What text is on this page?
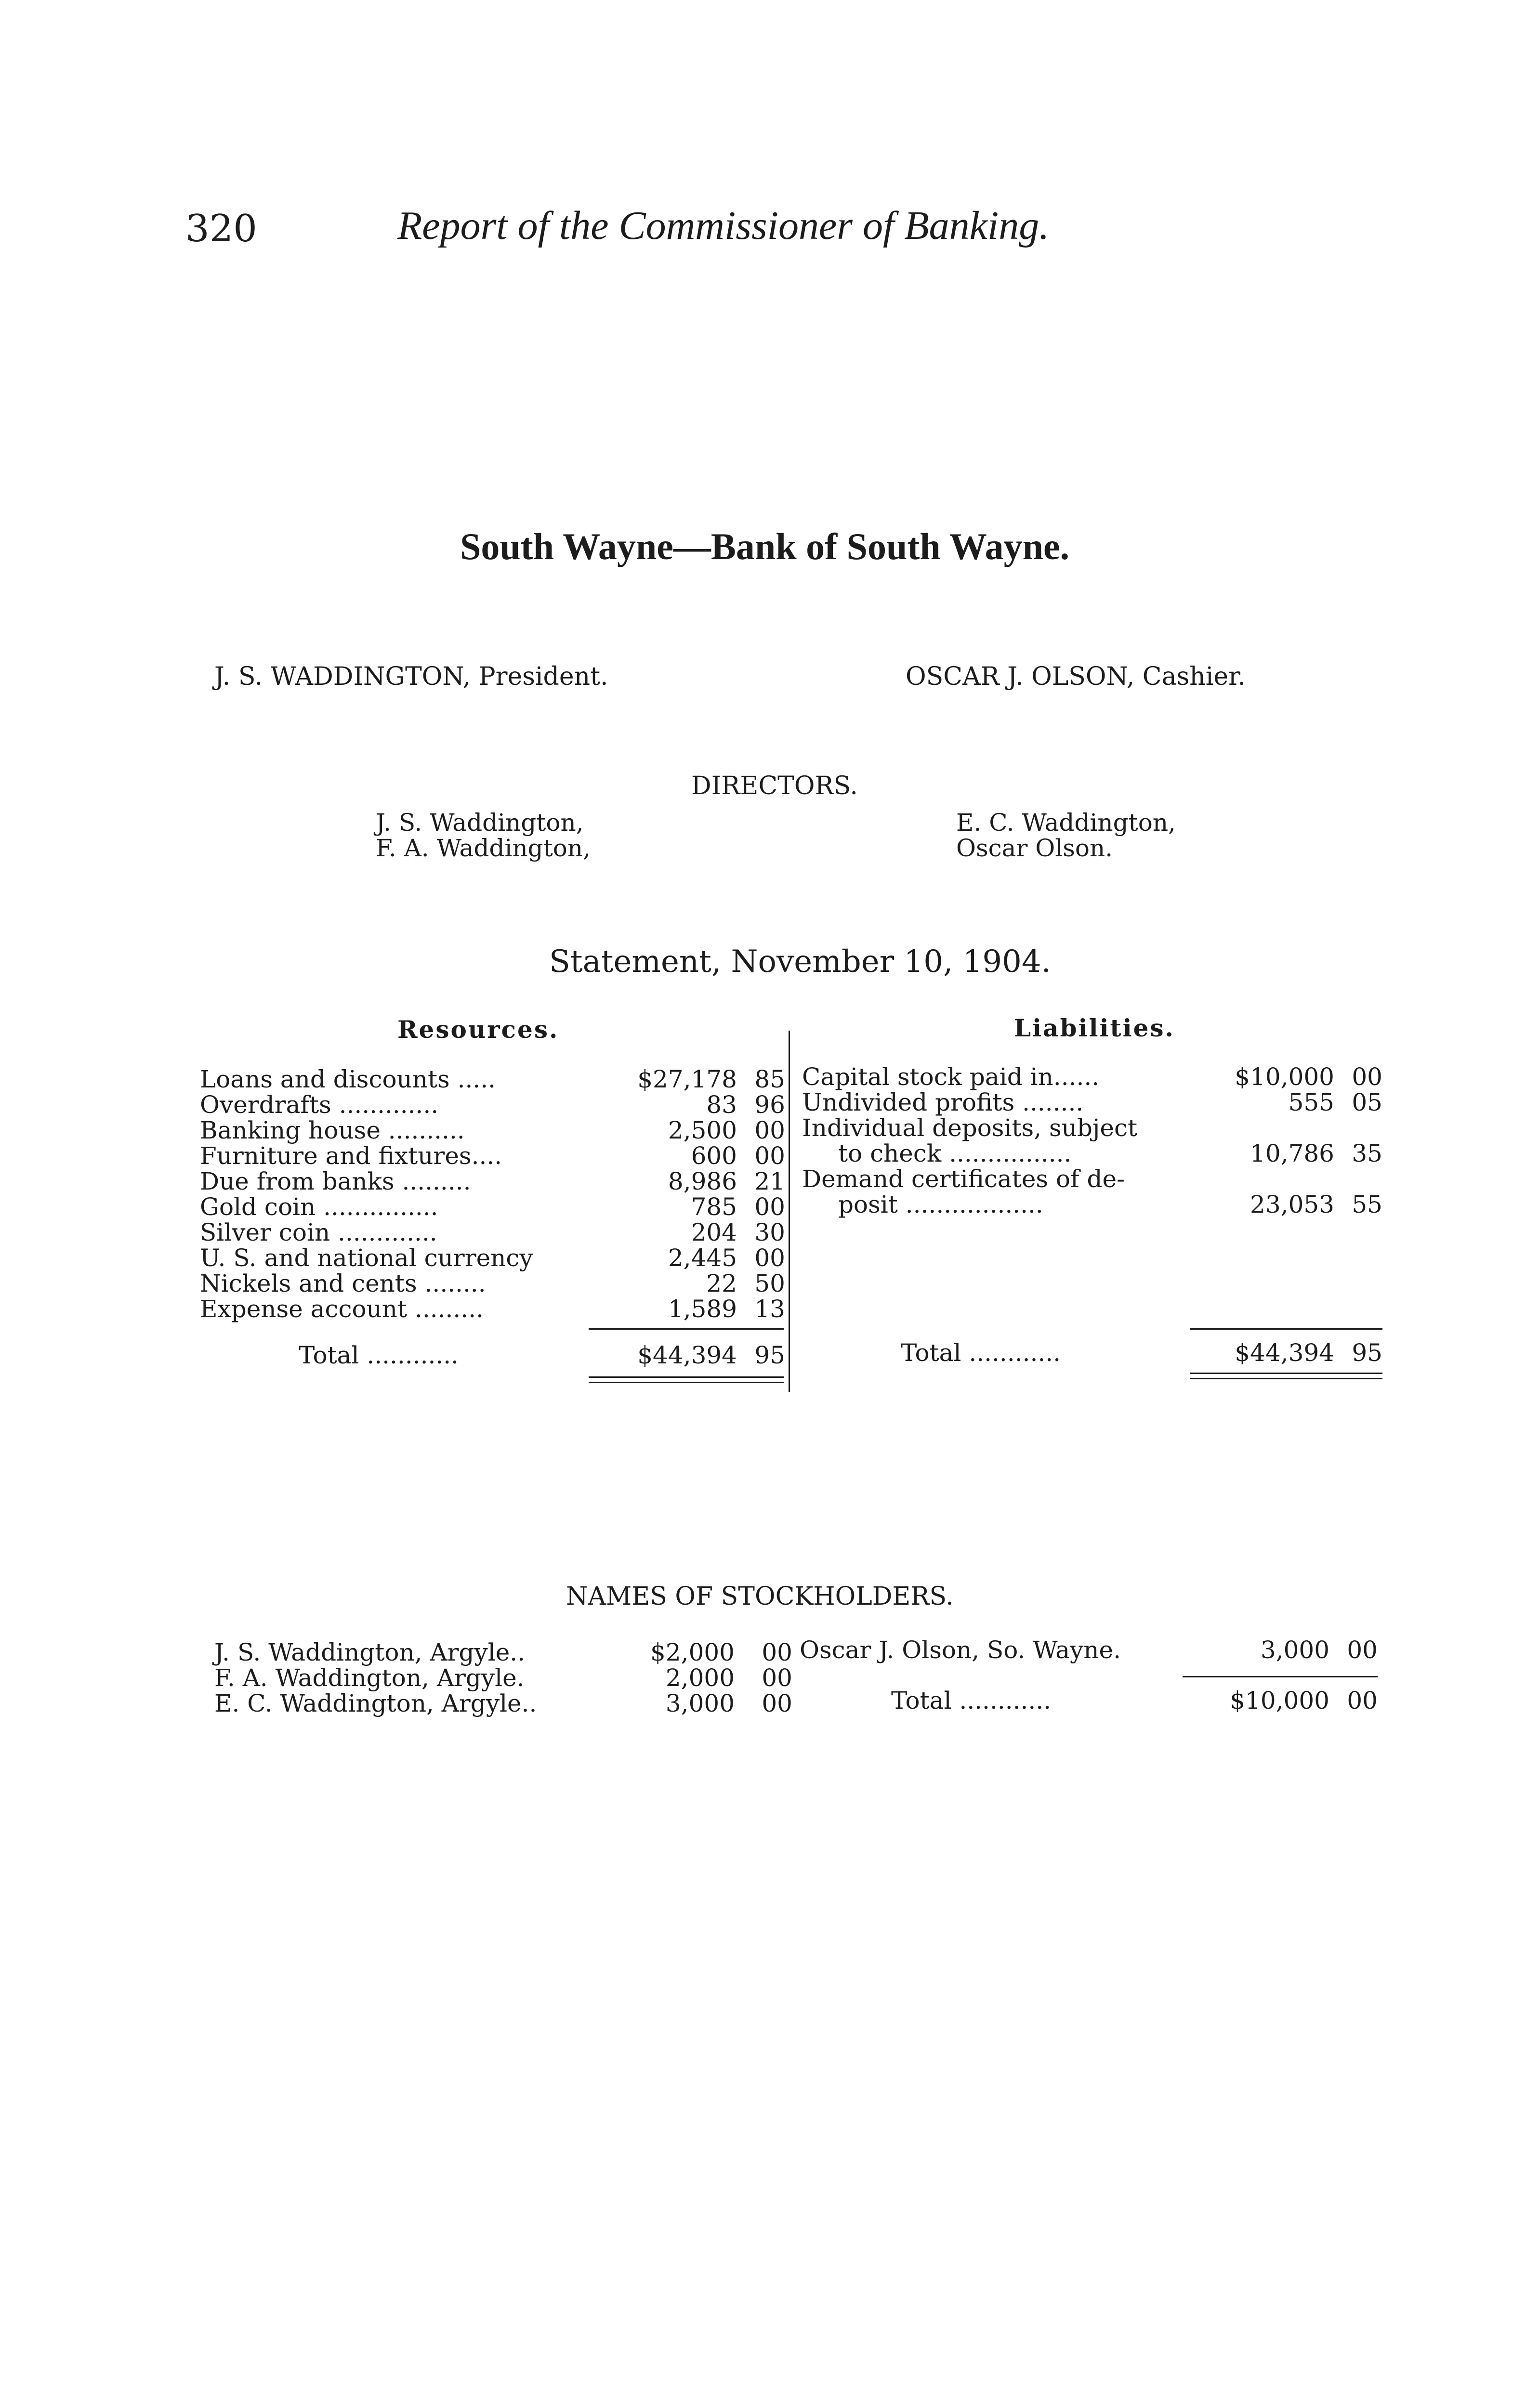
320	Report of the Commissioner of Banking.
South Wayne—Bank of South Wayne.
J. S. WADDINGTON, President.	OSCAR J. OLSON, Cashier.
DIRECTORS.
J. S. Waddington,
F. A. Waddington,
E. C. Waddington,
Oscar Olson.
Statement, November 10, 1904.
Resources.	Liabilities.
Loans and discounts .....	$27,178 85
Overdrafts .............	83 96
Banking house ..........	2,500 00
Furniture and fixtures....	600 00
Due from banks .........	8,986 21
Gold coin ...............	785 00
Silver coin .............	204 30
U. S. and national currency	2,445 00
Nickels and cents ........	22 50
Expense account .........	1,589 13
Total ............	$44,394 95
Capital stock paid in......	$10,000 00
Undivided profits ........	555 05
Individual deposits, subject
to check ................	10,786 35
Demand certificates of de-
posit ..................	23,053 55
Total ............	$44,394 95
NAMES OF STOCKHOLDERS.
J. S. Waddington, Argyle..	$2,000 00
F. A. Waddington, Argyle.	2,000 00
E. C. Waddington, Argyle..	3,000 00
Oscar J. Olson, So. Wayne.	3,000 00
Total ............	$10,000 00
